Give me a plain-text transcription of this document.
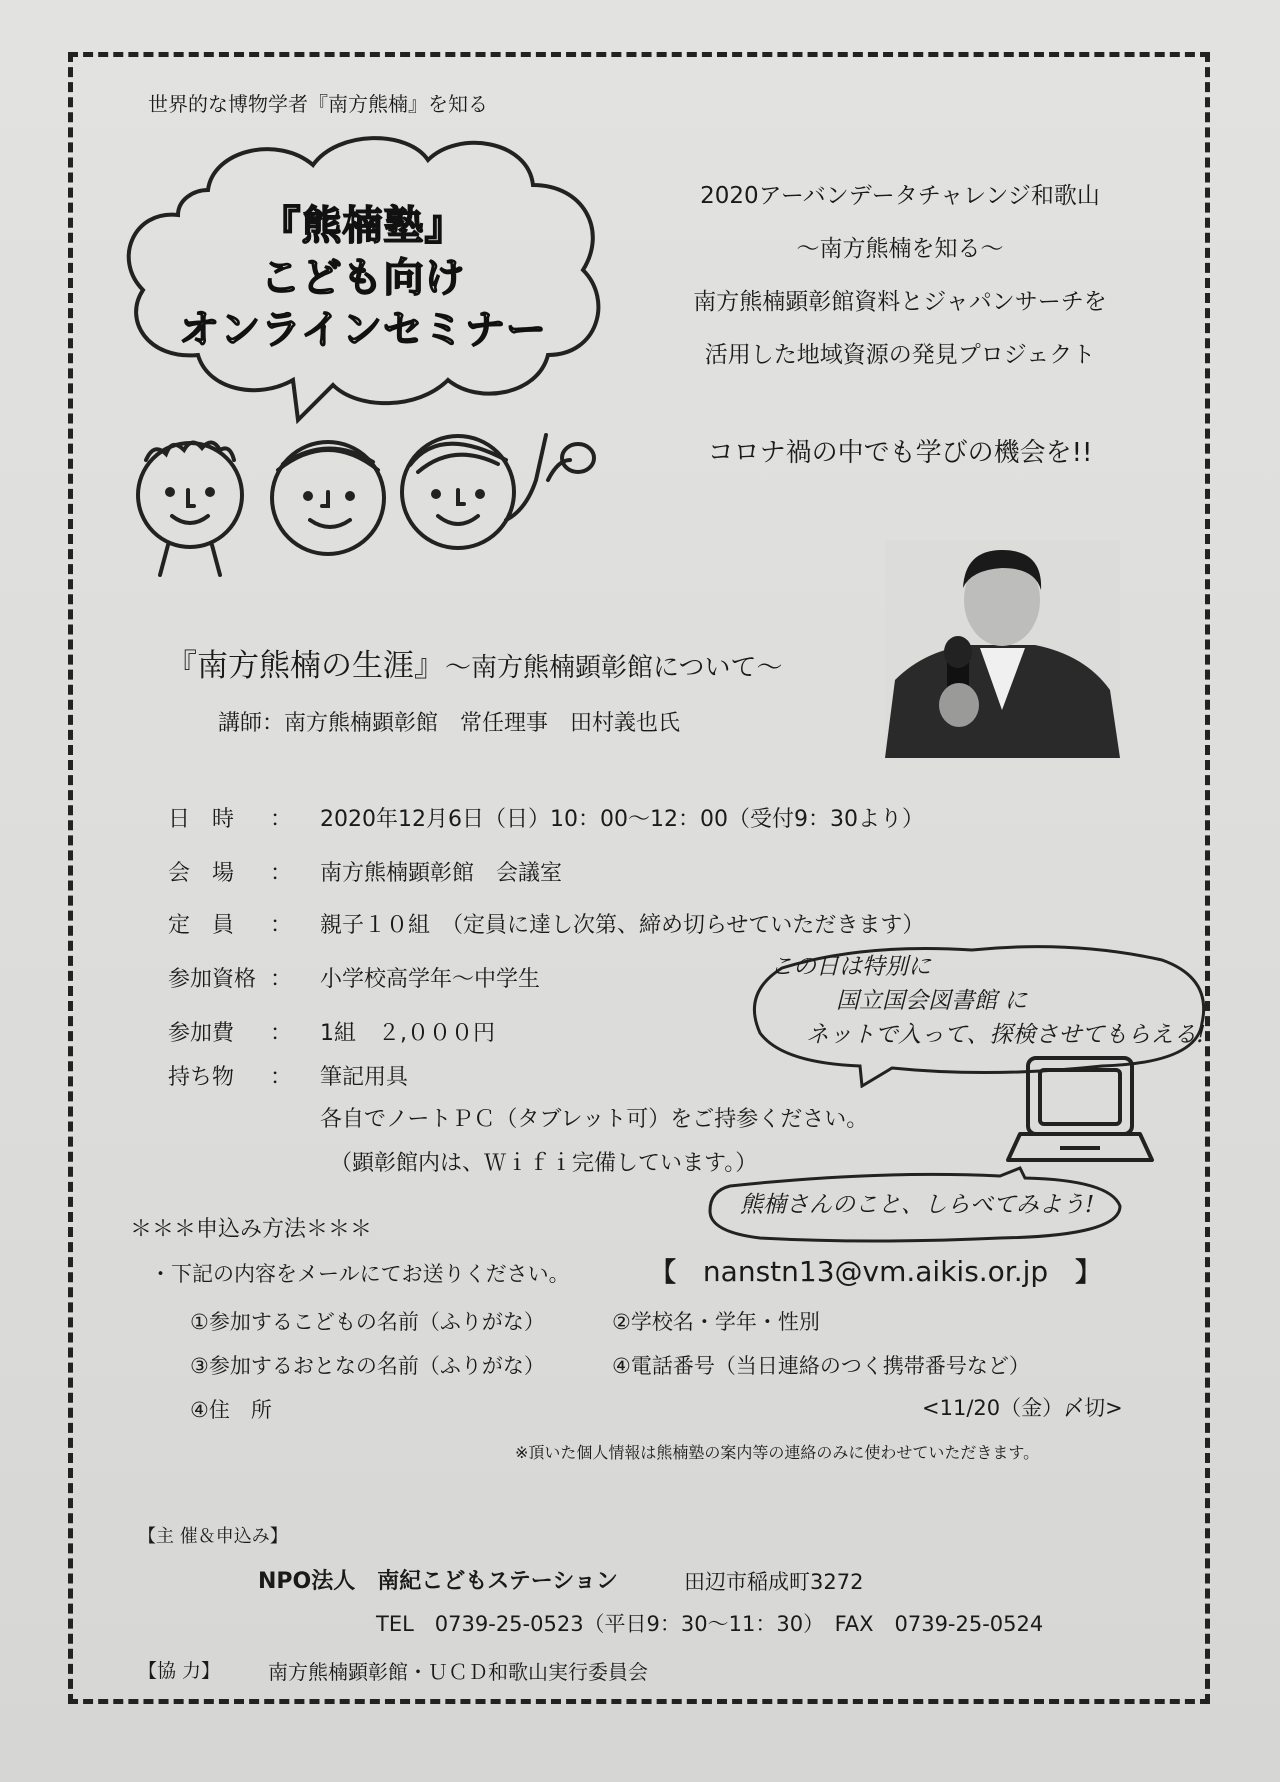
世界的な博物学者『南方熊楠』を知る
『熊楠塾』
こども向け
オンラインセミナー
2020アーバンデータチャレンジ和歌山
～南方熊楠を知る～
南方熊楠顕彰館資料とジャパンサーチを
活用した地域資源の発見プロジェクト
コロナ禍の中でも学びの機会を!!
『南方熊楠の生涯』～南方熊楠顕彰館について～
講師：南方熊楠顕彰館　常任理事　田村義也氏
日　時	： 2020年12月6日（日）10：00～12：00（受付9：30より）
会　場	： 南方熊楠顕彰館　会議室
定　員	： 親子１０組　（定員に達し次第、締め切らせていただきます）
参加資格 ： 小学校高学年～中学生
参加費	： 1組　２,０００円
持ち物	： 筆記用具
各自でノートＰＣ（タブレット可）をご持参ください。
（顕彰館内は、Ｗｉｆｉ完備しています。）
この日は特別に
国立国会図書館 に
ネットで入って、探検させてもらえる!
熊楠さんのこと、しらべてみよう!
＊＊＊申込み方法＊＊＊
・下記の内容をメールにてお送りください。	【 nanstn13@vm.aikis.or.jp 】
①参加するこどもの名前（ふりがな）	②学校名・学年・性別
③参加するおとなの名前（ふりがな）	④電話番号（当日連絡のつく携帯番号など）
④住　所	<11/20（金）〆切>
※頂いた個人情報は熊楠塾の案内等の連絡のみに使わせていただきます。
【主 催＆申込み】
NPO法人　南紀こどもステーション	田辺市稲成町3272
TEL　0739-25-0523（平日9：30～11：30）　FAX　0739-25-0524
【協 力】 南方熊楠顕彰館・ＵＣＤ和歌山実行委員会
